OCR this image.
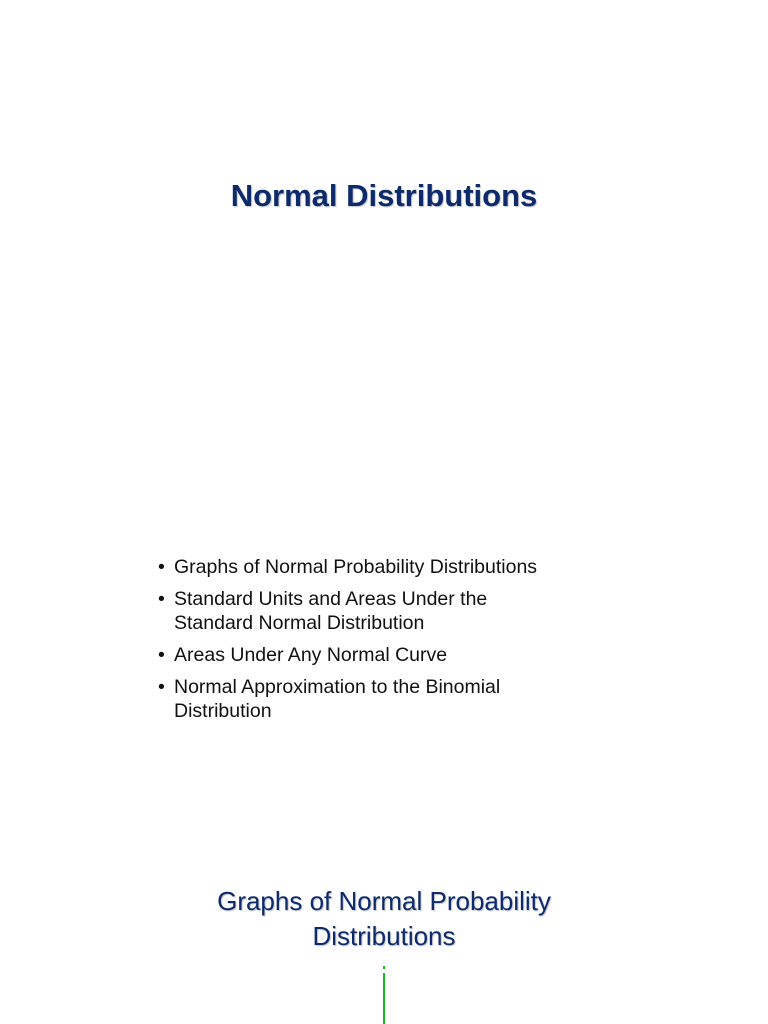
Normal Distributions
• Graphs of Normal Probability Distributions
• Standard Units and Areas Under the
Standard Normal Distribution
• Areas Under Any Normal Curve
• Normal Approximation to the Binomial
Distribution
Graphs of Normal Probability
Distributions
